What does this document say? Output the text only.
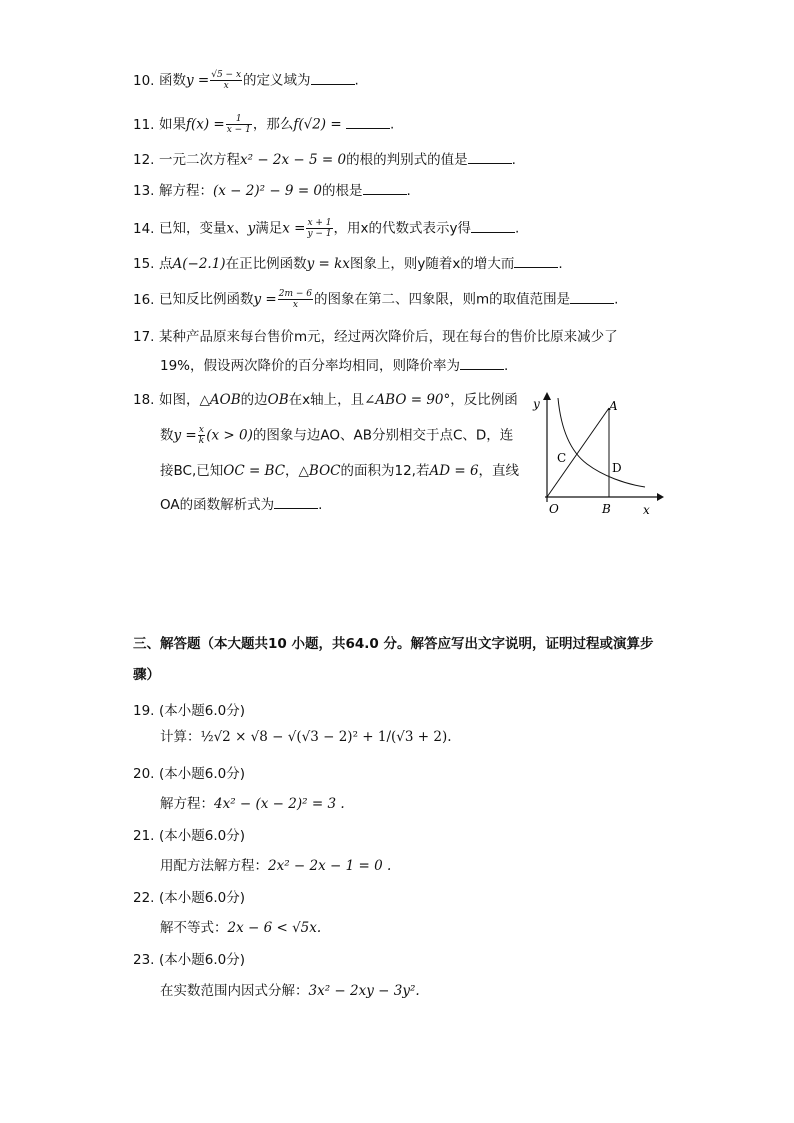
10. 函数$y = \frac{√5 - x}{x}$ 的定义域为	.
11. 如果$f(x) = \frac{1}{x - 1}$ ，那么f(√2) =	.
12. 一元二次方程x² − 2x − 5 = 0的根的判别式的值是	.
13. 解方程：(x − 2)² − 9 = 0的根是	.
14. 已知，变量x、y满足$x = \frac{x + 1}{y - 1}$ ，用x的代数式表示y得	.
15. 点A(−2.1)在正比例函数y = kx图象上，则y随着x的增大而	.
16. 已知反比例函数$y = \frac{2m - 6}{x}$ 的图象在第二、四象限，则m的取值范围是	.
17. 某种产品原来每台售价m元，经过两次降价后，现在每台的售价比原来减少了
19%，假设两次降价的百分率均相同，则降价率为	.
18. 如图，△AOB的边OB在x轴上，且∠ABO = 90°，反比例函
数$y = \frac{x}{k} (x > 0)$的图象与边AO、AB分别相交于点C、D，连
接BC,已知OC = BC，△BOC的面积为12,若AD = 6，直线
OA的函数解析式为	.
y	A
C
D
O	B	x
三、解答题（本大题共10 小题，共64.0 分。解答应写出文字说明，证明过程或演算步
骤）
19. (本小题6.0分)
计算：½√2 × √8 − √(√3 − 2)² + 1/(√3 + 2).
20. (本小题6.0分)
解方程：4x² − (x − 2)² = 3 .
21. (本小题6.0分)
用配方法解方程：2x² − 2x − 1 = 0 .
22. (本小题6.0分)
解不等式：2x − 6 < √5x.
23. (本小题6.0分)
在实数范围内因式分解：3x² − 2xy − 3y².
